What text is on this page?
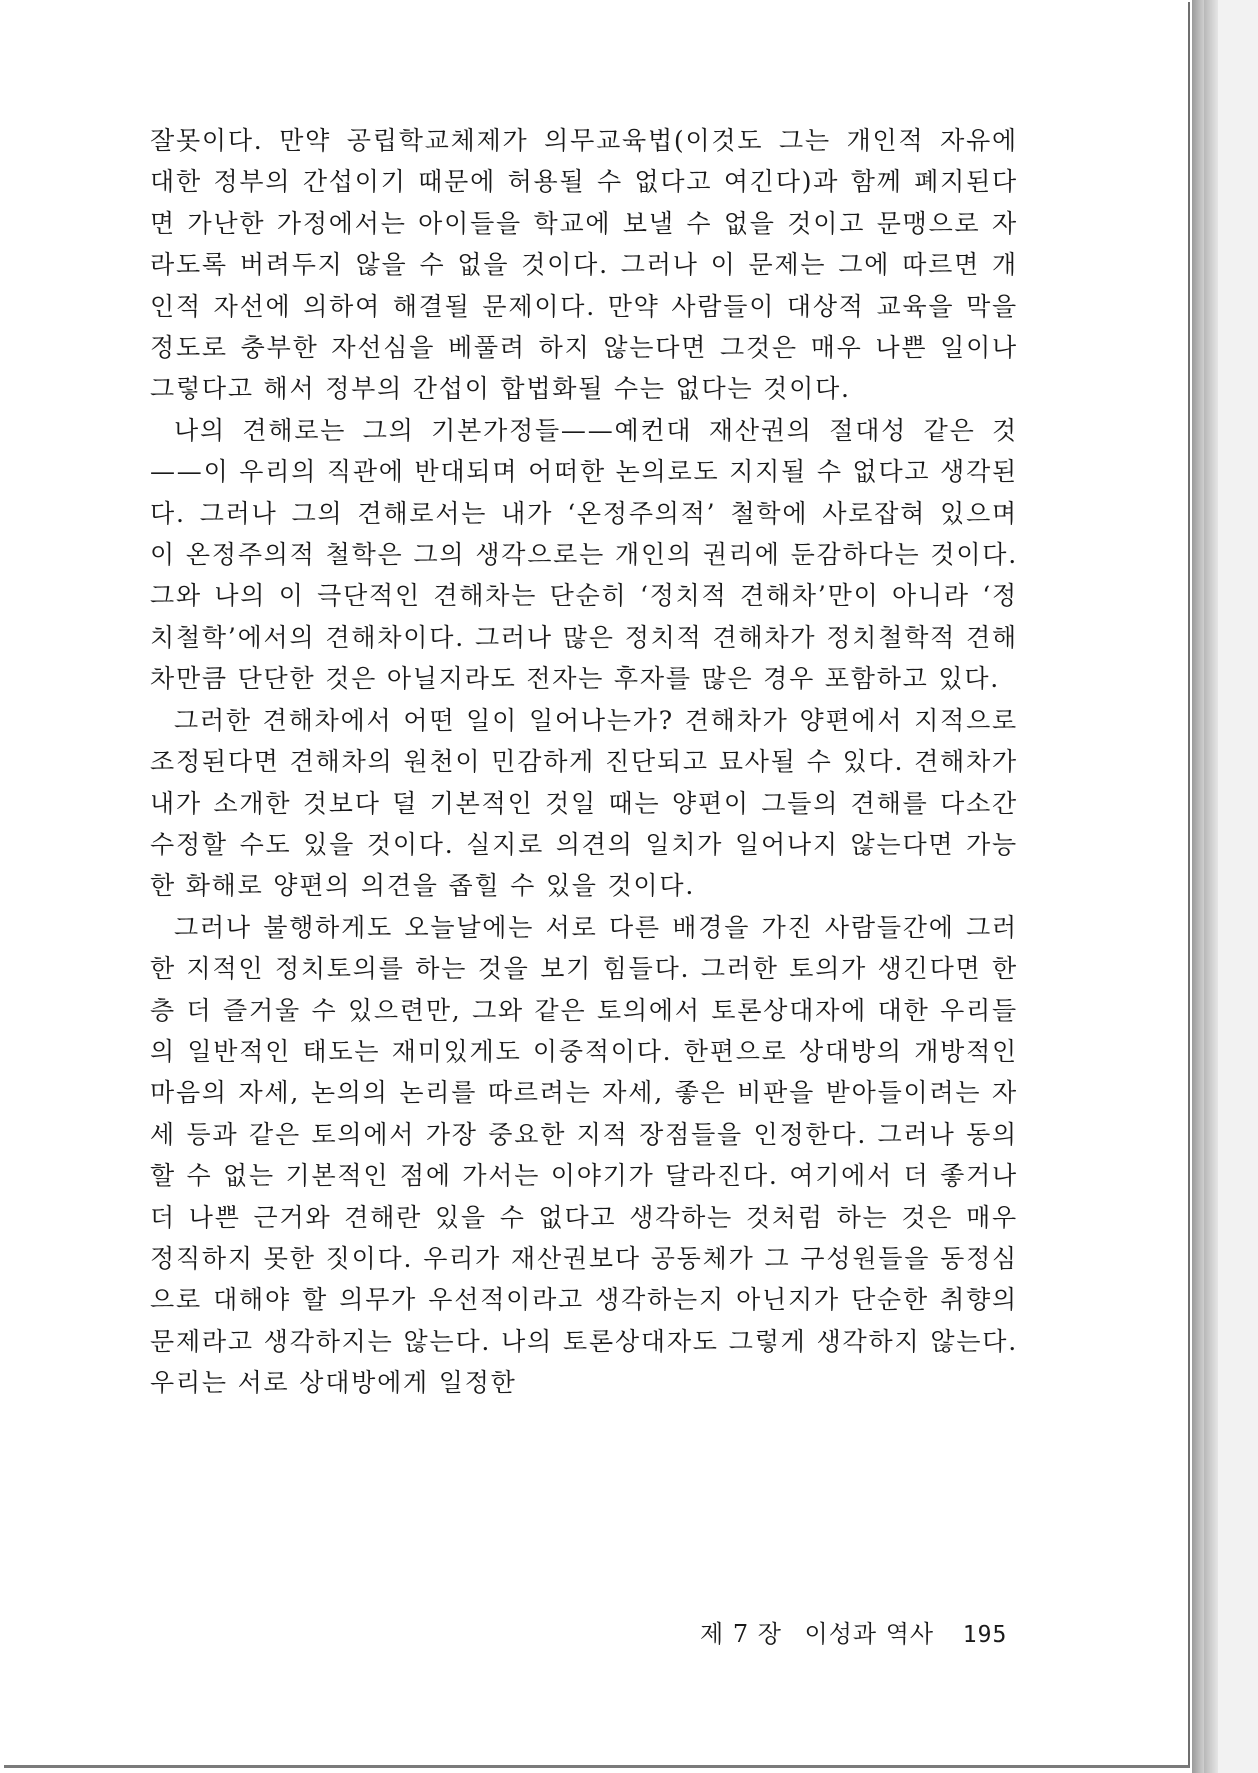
잘못이다. 만약 공립학교체제가 의무교육법(이것도 그는 개인적 자유에 대한 정부의 간섭이기 때문에 허용될 수 없다고 여긴다)과 함께 폐지된다면 가난한 가정에서는 아이들을 학교에 보낼 수 없을 것이고 문맹으로 자라도록 버려두지 않을 수 없을 것이다. 그러나 이 문제는 그에 따르면 개인적 자선에 의하여 해결될 문제이다. 만약 사람들이 대상적 교육을 막을 정도로 충부한 자선심을 베풀려 하지 않는다면 그것은 매우 나쁜 일이나 그렇다고 해서 정부의 간섭이 합법화될 수는 없다는 것이다.

나의 견해로는 그의 기본가정들——예컨대 재산권의 절대성 같은 것——이 우리의 직관에 반대되며 어떠한 논의로도 지지될 수 없다고 생각된다. 그러나 그의 견해로서는 내가 ‘온정주의적’ 철학에 사로잡혀 있으며 이 온정주의적 철학은 그의 생각으로는 개인의 권리에 둔감하다는 것이다. 그와 나의 이 극단적인 견해차는 단순히 ‘정치적 견해차’만이 아니라 ‘정치철학’에서의 견해차이다. 그러나 많은 정치적 견해차가 정치철학적 견해차만큼 단단한 것은 아닐지라도 전자는 후자를 많은 경우 포함하고 있다.

그러한 견해차에서 어떤 일이 일어나는가? 견해차가 양편에서 지적으로 조정된다면 견해차의 원천이 민감하게 진단되고 묘사될 수 있다. 견해차가 내가 소개한 것보다 덜 기본적인 것일 때는 양편이 그들의 견해를 다소간 수정할 수도 있을 것이다. 실지로 의견의 일치가 일어나지 않는다면 가능한 화해로 양편의 의견을 좁힐 수 있을 것이다.

그러나 불행하게도 오늘날에는 서로 다른 배경을 가진 사람들간에 그러한 지적인 정치토의를 하는 것을 보기 힘들다. 그러한 토의가 생긴다면 한층 더 즐거울 수 있으련만, 그와 같은 토의에서 토론상대자에 대한 우리들의 일반적인 태도는 재미있게도 이중적이다. 한편으로 상대방의 개방적인 마음의 자세, 논의의 논리를 따르려는 자세, 좋은 비판을 받아들이려는 자세 등과 같은 토의에서 가장 중요한 지적 장점들을 인정한다. 그러나 동의할 수 없는 기본적인 점에 가서는 이야기가 달라진다. 여기에서 더 좋거나 더 나쁜 근거와 견해란 있을 수 없다고 생각하는 것처럼 하는 것은 매우 정직하지 못한 짓이다. 우리가 재산권보다 공동체가 그 구성원들을 동정심으로 대해야 할 의무가 우선적이라고 생각하는지 아닌지가 단순한 취향의 문제라고 생각하지는 않는다. 나의 토론상대자도 그렇게 생각하지 않는다. 우리는 서로 상대방에게 일정한

제 7 장 이성과 역사 195
